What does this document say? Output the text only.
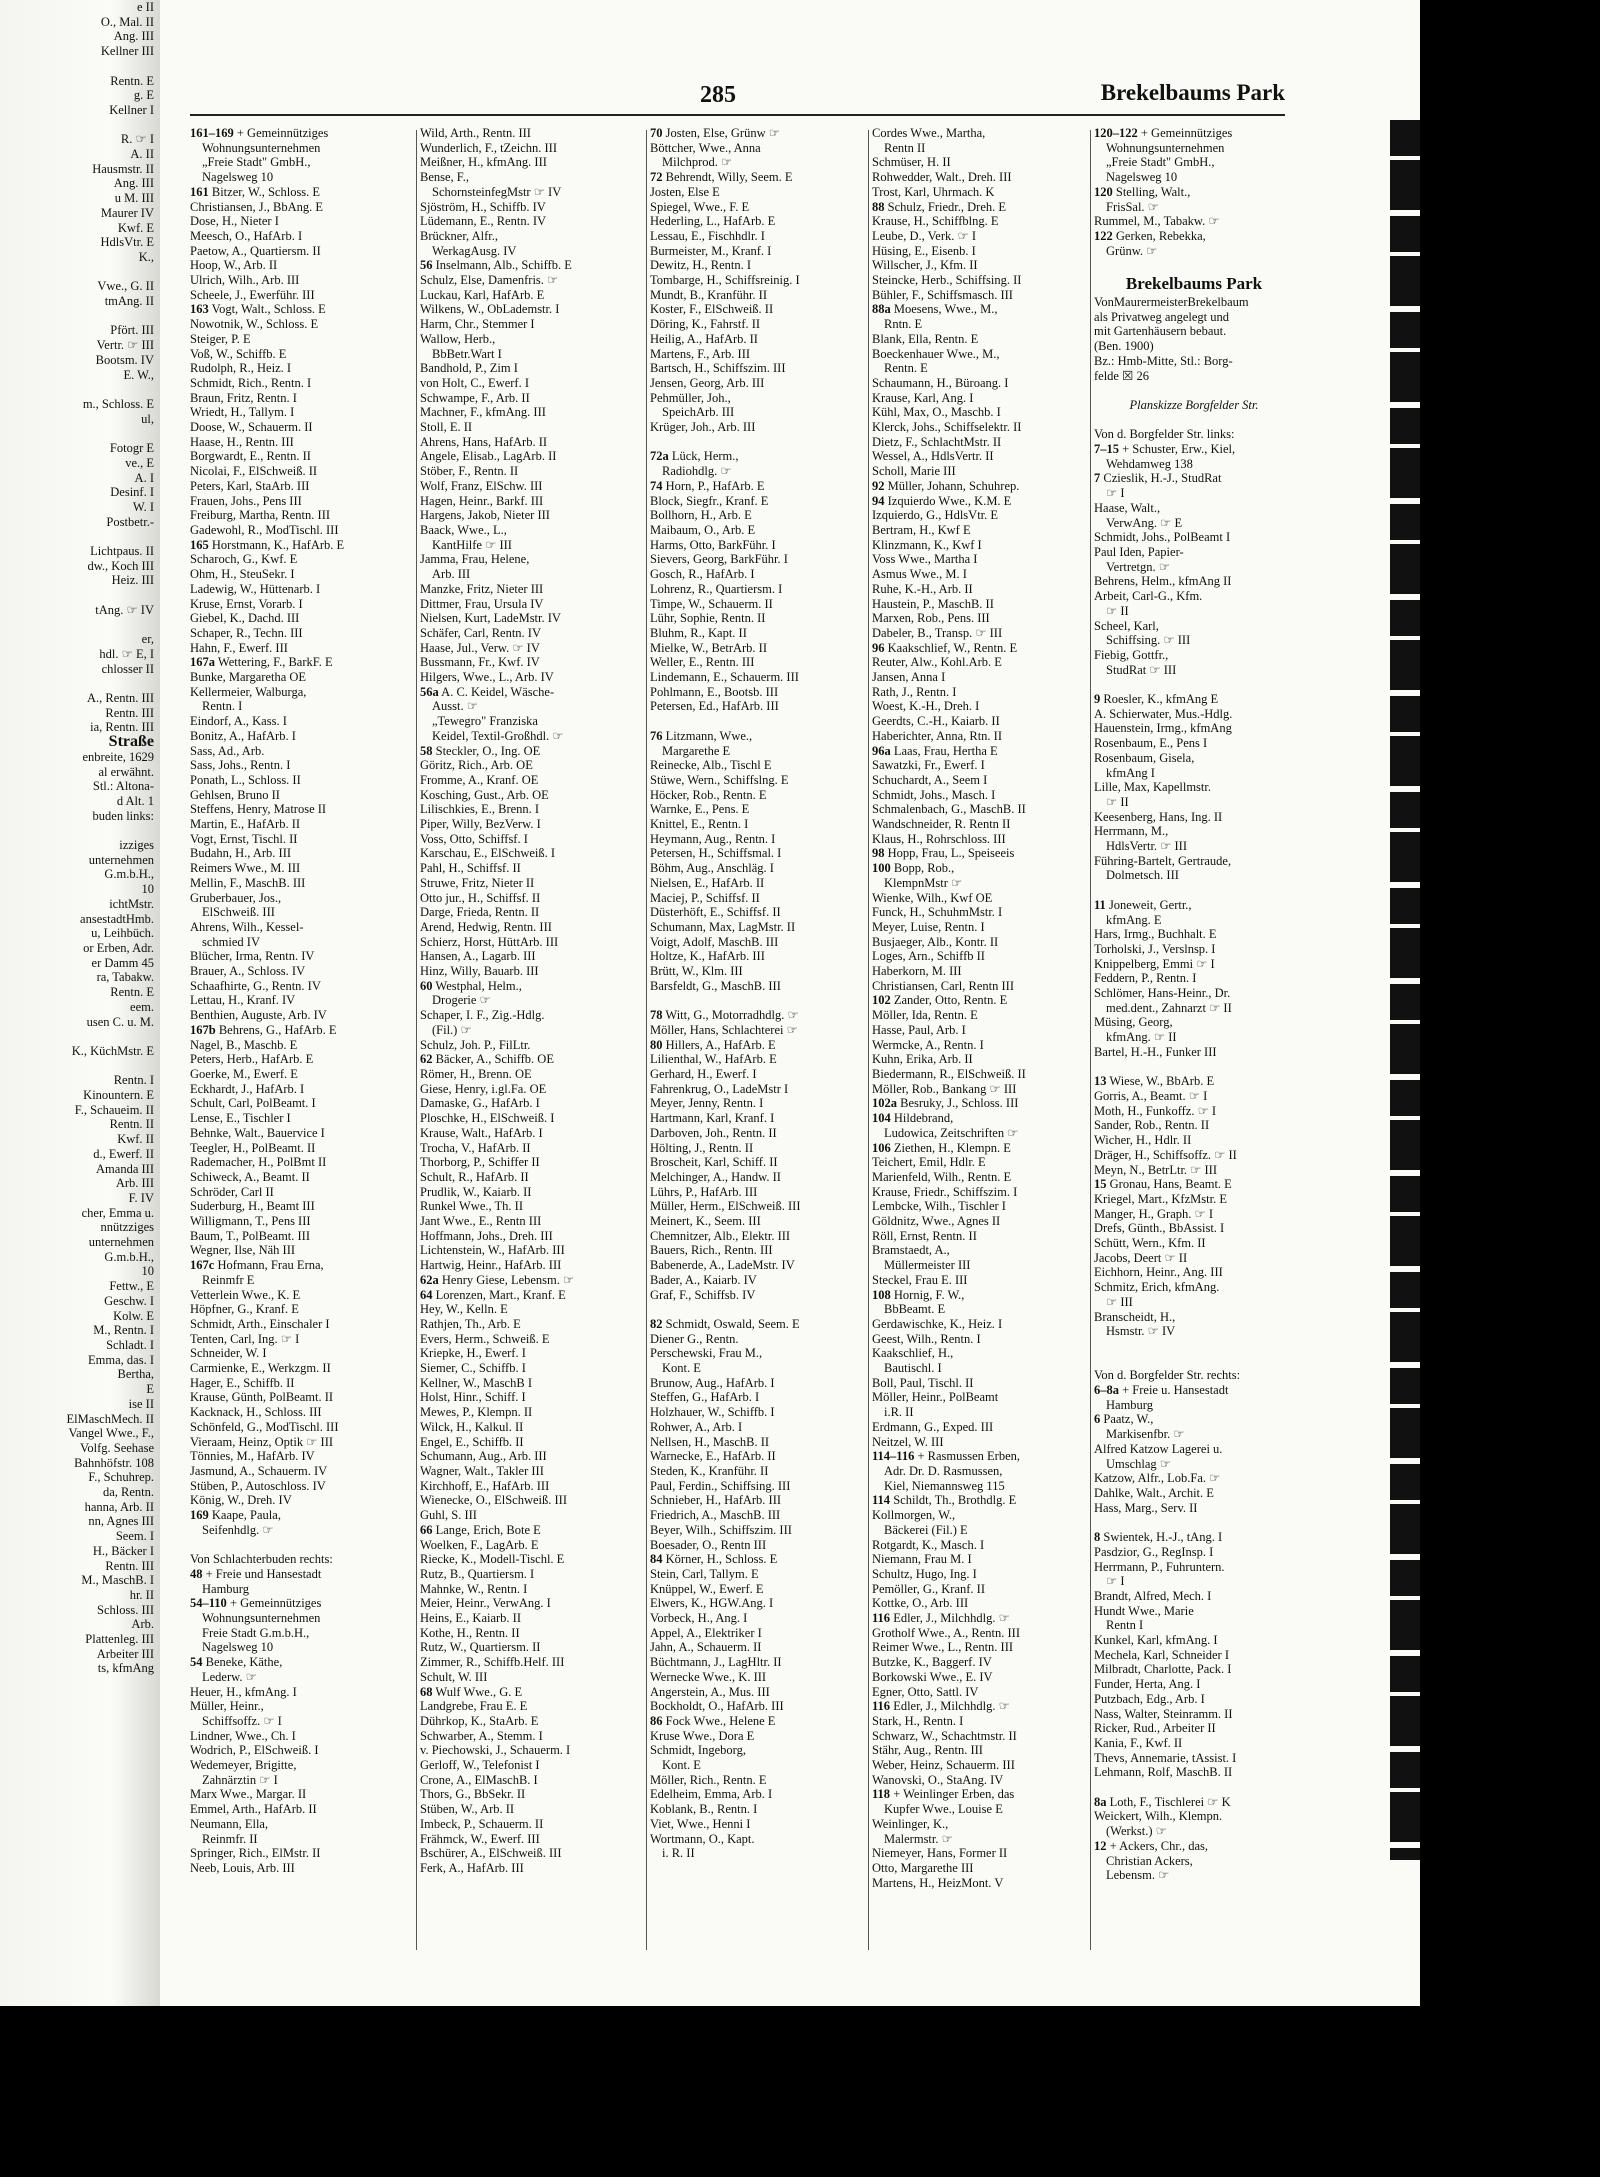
e II
O., Mal. II
Ang. III
Kellner III

Rentn. E
g. E
Kellner I

R. ☞ I
A. II
Hausmstr. II
Ang. III
u M. III
Maurer IV
Kwf. E
HdlsVtr. E
K.,

Vwe., G. II
tmAng. II

Pfört. III
Vertr. ☞ III
Bootsm. IV
E. W.,

m., Schloss. E
ul,

Fotogr E
ve., E
A. I
Desinf. I
W. I
Postbetr.-

Lichtpaus. II
dw., Koch III
Heiz. III

tAng. ☞ IV

er,
hdl. ☞ E, I
chlosser II

A., Rentn. III
Rentn. III
ia, Rentn. III
Straße
enbreite, 1629
al erwähnt.
Stl.: Altona-
d Alt. 1
buden links:

izziges
unternehmen
G.m.b.H.,
10
ichtMstr.
ansestadtHmb.
u, Leihbüch.
or Erben, Adr.
er Damm 45
ra, Tabakw.
Rentn. E
eem.
usen C. u. M.

K., KüchMstr. E

Rentn. I
Kinountern. E
F., Schaueim. II
Rentn. II
Kwf. II
d., Ewerf. II
Amanda III
Arb. III
F. IV
cher, Emma u.
nnützziges
unternehmen
G.m.b.H.,
10
Fettw., E
Geschw. I
Kolw. E
M., Rentn. I
Schladt. I
Emma, das. I
Bertha,
E
ise II
ElMaschMech. II
Vangel Wwe., F.,
Volfg. Seehase
Bahnhöfstr. 108
F., Schuhrep.
da, Rentn.
hanna, Arb. II
nn, Agnes III
Seem. I
H., Bäcker I
Rentn. III
M., MaschB. I
hr. II
Schloss. III
Arb.
Plattenleg. III
Arbeiter III
ts, kfmAng
285	Brekelbaums Park
161–169 + Gemeinnütziges
Wohnungsunternehmen
„Freie Stadt" GmbH.,
Nagelsweg 10
161 Bitzer, W., Schloss. E
Christiansen, J., BbAng. E
Dose, H., Nieter I
Meesch, O., HafArb. I
Paetow, A., Quartiersm. II
Hoop, W., Arb. II
Ulrich, Wilh., Arb. III
Scheele, J., Ewerführ. III
163 Vogt, Walt., Schloss. E
Nowotnik, W., Schloss. E
Steiger, P. E
Voß, W., Schiffb. E
Rudolph, R., Heiz. I
Schmidt, Rich., Rentn. I
Braun, Fritz, Rentn. I
Wriedt, H., Tallym. I
Doose, W., Schauerm. II
Haase, H., Rentn. III
Borgwardt, E., Rentn. II
Nicolai, F., ElSchweiß. II
Peters, Karl, StaArb. III
Frauen, Johs., Pens III
Freiburg, Martha, Rentn. III
Gadewohl, R., ModTischl. III
165 Horstmann, K., HafArb. E
Scharoch, G., Kwf. E
Ohm, H., SteuSekr. I
Ladewig, W., Hüttenarb. I
Kruse, Ernst, Vorarb. I
Giebel, K., Dachd. III
Schaper, R., Techn. III
Hahn, F., Ewerf. III
167a Wettering, F., BarkF. E
Bunke, Margaretha OE
Kellermeier, Walburga,
Rentn. I
Eindorf, A., Kass. I
Bonitz, A., HafArb. I
Sass, Ad., Arb.
Sass, Johs., Rentn. I
Ponath, L., Schloss. II
Gehlsen, Bruno II
Steffens, Henry, Matrose II
Martin, E., HafArb. II
Vogt, Ernst, Tischl. II
Budahn, H., Arb. III
Reimers Wwe., M. III
Mellin, F., MaschB. III
Gruberbauer, Jos.,
ElSchweiß. III
Ahrens, Wilh., Kessel-
schmied IV
Blücher, Irma, Rentn. IV
Brauer, A., Schloss. IV
Schaafhirte, G., Rentn. IV
Lettau, H., Kranf. IV
Benthien, Auguste, Arb. IV
167b Behrens, G., HafArb. E
Nagel, B., Maschb. E
Peters, Herb., HafArb. E
Goerke, M., Ewerf. E
Eckhardt, J., HafArb. I
Schult, Carl, PolBeamt. I
Lense, E., Tischler I
Behnke, Walt., Bauervice I
Teegler, H., PolBeamt. II
Rademacher, H., PolBmt II
Schiweck, A., Beamt. II
Schröder, Carl II
Suderburg, H., Beamt III
Willigmann, T., Pens III
Baum, T., PolBeamt. III
Wegner, Ilse, Näh III
167c Hofmann, Frau Erna,
Reinmfr E
Vetterlein Wwe., K. E
Höpfner, G., Kranf. E
Schmidt, Arth., Einschaler I
Tenten, Carl, Ing. ☞ I
Schneider, W. I
Carmienke, E., Werkzgm. II
Hager, E., Schiffb. II
Krause, Günth, PolBeamt. II
Kacknack, H., Schloss. III
Schönfeld, G., ModTischl. III
Vieraam, Heinz, Optik ☞ III
Tönnies, M., HafArb. IV
Jasmund, A., Schauerm. IV
Stüben, P., Autoschloss. IV
König, W., Dreh. IV
169 Kaape, Paula,
Seifenhdlg. ☞

Von Schlachterbuden rechts:
48 + Freie und Hansestadt
Hamburg
54–110 + Gemeinnütziges
Wohnungsunternehmen
Freie Stadt G.m.b.H.,
Nagelsweg 10
54 Beneke, Käthe,
Lederw. ☞
Heuer, H., kfmAng. I
Müller, Heinr.,
Schiffsoffz. ☞ I
Lindner, Wwe., Ch. I
Wodrich, P., ElSchweiß. I
Wedemeyer, Brigitte,
Zahnärztin ☞ I
Marx Wwe., Margar. II
Emmel, Arth., HafArb. II
Neumann, Ella,
Reinmfr. II
Springer, Rich., ElMstr. II
Neeb, Louis, Arb. III
Wild, Arth., Rentn. III
Wunderlich, F., tZeichn. III
Meißner, H., kfmAng. III
Bense, F.,
SchornsteinfegMstr ☞ IV
Sjöström, H., Schiffb. IV
Lüdemann, E., Rentn. IV
Brückner, Alfr.,
WerkagAusg. IV
56 Inselmann, Alb., Schiffb. E
Schulz, Else, Damenfris. ☞
Luckau, Karl, HafArb. E
Wilkens, W., ObLademstr. I
Harm, Chr., Stemmer I
Wallow, Herb.,
BbBetr.Wart I
Bandhold, P., Zim I
von Holt, C., Ewerf. I
Schwampe, F., Arb. II
Machner, F., kfmAng. III
Stoll, E. II
Ahrens, Hans, HafArb. II
Angele, Elisab., LagArb. II
Stöber, F., Rentn. II
Wolf, Franz, ElSchw. III
Hagen, Heinr., Barkf. III
Hargens, Jakob, Nieter III
Baack, Wwe., L.,
KantHilfe ☞ III
Jamma, Frau, Helene,
Arb. III
Manzke, Fritz, Nieter III
Dittmer, Frau, Ursula IV
Nielsen, Kurt, LadeMstr. IV
Schäfer, Carl, Rentn. IV
Haase, Jul., Verw. ☞ IV
Bussmann, Fr., Kwf. IV
Hilgers, Wwe., L., Arb. IV
56a A. C. Keidel, Wäsche-
Ausst. ☞
„Tewegro" Franziska
Keidel, Textil-Großhdl. ☞
58 Steckler, O., Ing. OE
Göritz, Rich., Arb. OE
Fromme, A., Kranf. OE
Kosching, Gust., Arb. OE
Lilischkies, E., Brenn. I
Piper, Willy, BezVerw. I
Voss, Otto, Schiffsf. I
Karschau, E., ElSchweiß. I
Pahl, H., Schiffsf. II
Struwe, Fritz, Nieter II
Otto jur., H., Schiffsf. II
Darge, Frieda, Rentn. II
Arend, Hedwig, Rentn. III
Schierz, Horst, HüttArb. III
Hansen, A., Lagarb. III
Hinz, Willy, Bauarb. III
60 Westphal, Helm.,
Drogerie ☞
Schaper, I. F., Zig.-Hdlg.
(Fil.) ☞
Schulz, Joh. P., FilLtr.
62 Bäcker, A., Schiffb. OE
Römer, H., Brenn. OE
Giese, Henry, i.gl.Fa. OE
Damaske, G., HafArb. I
Ploschke, H., ElSchweiß. I
Krause, Walt., HafArb. I
Trocha, V., HafArb. II
Thorborg, P., Schiffer II
Schult, R., HafArb. II
Prudlik, W., Kaiarb. II
Runkel Wwe., Th. II
Jant Wwe., E., Rentn III
Hoffmann, Johs., Dreh. III
Lichtenstein, W., HafArb. III
Hartwig, Heinr., HafArb. III
62a Henry Giese, Lebensm. ☞
64 Lorenzen, Mart., Kranf. E
Hey, W., Kelln. E
Rathjen, Th., Arb. E
Evers, Herm., Schweiß. E
Kriepke, H., Ewerf. I
Siemer, C., Schiffb. I
Kellner, W., MaschB I
Holst, Hinr., Schiff. I
Mewes, P., Klempn. II
Wilck, H., Kalkul. II
Engel, E., Schiffb. II
Schumann, Aug., Arb. III
Wagner, Walt., Takler III
Kirchhoff, E., HafArb. III
Wienecke, O., ElSchweiß. III
Guhl, S. III
66 Lange, Erich, Bote E
Woelken, F., LagArb. E
Riecke, K., Modell-Tischl. E
Rutz, B., Quartiersm. I
Mahnke, W., Rentn. I
Meier, Heinr., VerwAng. I
Heins, E., Kaiarb. II
Kothe, H., Rentn. II
Rutz, W., Quartiersm. II
Zimmer, R., Schiffb.Helf. III
Schult, W. III
68 Wulf Wwe., G. E
Landgrebe, Frau E. E
Dührkop, K., StaArb. E
Schwarber, A., Stemm. I
v. Piechowski, J., Schauerm. I
Gerloff, W., Telefonist I
Crone, A., ElMaschB. I
Thors, G., BbSekr. II
Stüben, W., Arb. II
Imbeck, P., Schauerm. II
Frähmck, W., Ewerf. III
Bschürer, A., ElSchweiß. III
Ferk, A., HafArb. III
70 Josten, Else, Grünw ☞
Böttcher, Wwe., Anna
Milchprod. ☞
72 Behrendt, Willy, Seem. E
Josten, Else E
Spiegel, Wwe., F. E
Hederling, L., HafArb. E
Lessau, E., Fischhdlr. I
Burmeister, M., Kranf. I
Dewitz, H., Rentn. I
Tombarge, H., Schiffsreinig. I
Mundt, B., Kranführ. II
Koster, F., ElSchweiß. II
Döring, K., Fahrstf. II
Heilig, A., HafArb. II
Martens, F., Arb. III
Bartsch, H., Schiffszim. III
Jensen, Georg, Arb. III
Pehmüller, Joh.,
SpeichArb. III
Krüger, Joh., Arb. III

72a Lück, Herm.,
Radiohdlg. ☞
74 Horn, P., HafArb. E
Block, Siegfr., Kranf. E
Bollhorn, H., Arb. E
Maibaum, O., Arb. E
Harms, Otto, BarkFühr. I
Sievers, Georg, BarkFühr. I
Gosch, R., HafArb. I
Lohrenz, R., Quartiersm. I
Timpe, W., Schauerm. II
Lühr, Sophie, Rentn. II
Bluhm, R., Kapt. II
Mielke, W., BetrArb. II
Weller, E., Rentn. III
Lindemann, E., Schauerm. III
Pohlmann, E., Bootsb. III
Petersen, Ed., HafArb. III

76 Litzmann, Wwe.,
Margarethe E
Reinecke, Alb., Tischl E
Stüwe, Wern., Schiffslng. E
Höcker, Rob., Rentn. E
Warnke, E., Pens. E
Knittel, E., Rentn. I
Heymann, Aug., Rentn. I
Petersen, H., Schiffsmal. I
Böhm, Aug., Anschläg. I
Nielsen, E., HafArb. II
Maciej, P., Schiffsf. II
Düsterhöft, E., Schiffsf. II
Schumann, Max, LagMstr. II
Voigt, Adolf, MaschB. III
Holtze, K., HafArb. III
Brütt, W., Klm. III
Barsfeldt, G., MaschB. III

78 Witt, G., Motorradhdlg. ☞
Möller, Hans, Schlachterei ☞
80 Hillers, A., HafArb. E
Lilienthal, W., HafArb. E
Gerhard, H., Ewerf. I
Fahrenkrug, O., LadeMstr I
Meyer, Jenny, Rentn. I
Hartmann, Karl, Kranf. I
Darboven, Joh., Rentn. II
Hölting, J., Rentn. II
Broscheit, Karl, Schiff. II
Melchinger, A., Handw. II
Lührs, P., HafArb. III
Müller, Herm., ElSchweiß. III
Meinert, K., Seem. III
Chemnitzer, Alb., Elektr. III
Bauers, Rich., Rentn. III
Babenerde, A., LadeMstr. IV
Bader, A., Kaiarb. IV
Graf, F., Schiffsb. IV

82 Schmidt, Oswald, Seem. E
Diener G., Rentn.
Perschewski, Frau M.,
Kont. E
Brunow, Aug., HafArb. I
Steffen, G., HafArb. I
Holzhauer, W., Schiffb. I
Rohwer, A., Arb. I
Nellsen, H., MaschB. II
Warnecke, E., HafArb. II
Steden, K., Kranführ. II
Paul, Ferdin., Schiffsing. III
Schnieber, H., HafArb. III
Friedrich, A., MaschB. III
Beyer, Wilh., Schiffszim. III
Boesader, O., Rentn III
84 Körner, H., Schloss. E
Stein, Carl, Tallym. E
Knüppel, W., Ewerf. E
Elwers, K., HGW.Ang. I
Vorbeck, H., Ang. I
Appel, A., Elektriker I
Jahn, A., Schauerm. II
Büchtmann, J., LagHltr. II
Wernecke Wwe., K. III
Angerstein, A., Mus. III
Bockholdt, O., HafArb. III
86 Fock Wwe., Helene E
Kruse Wwe., Dora E
Schmidt, Ingeborg,
Kont. E
Möller, Rich., Rentn. E
Edelheim, Emma, Arb. I
Koblank, B., Rentn. I
Viet, Wwe., Henni I
Wortmann, O., Kapt.
i. R. II
Cordes Wwe., Martha,
Rentn II
Schmüser, H. II
Rohwedder, Walt., Dreh. III
Trost, Karl, Uhrmach. K
88 Schulz, Friedr., Dreh. E
Krause, H., Schiffblng. E
Leube, D., Verk. ☞ I
Hüsing, E., Eisenb. I
Willscher, J., Kfm. II
Steincke, Herb., Schiffsing. II
Bühler, F., Schiffsmasch. III
88a Moesens, Wwe., M.,
Rntn. E
Blank, Ella, Rentn. E
Boeckenhauer Wwe., M.,
Rentn. E
Schaumann, H., Büroang. I
Krause, Karl, Ang. I
Kühl, Max, O., Maschb. I
Klerck, Johs., Schiffselektr. II
Dietz, F., SchlachtMstr. II
Wessel, A., HdlsVertr. II
Scholl, Marie III
92 Müller, Johann, Schuhrep.
94 Izquierdo Wwe., K.M. E
Izquierdo, G., HdlsVtr. E
Bertram, H., Kwf E
Klinzmann, K., Kwf I
Voss Wwe., Martha I
Asmus Wwe., M. I
Ruhe, K.-H., Arb. II
Haustein, P., MaschB. II
Marxen, Rob., Pens. III
Dabeler, B., Transp. ☞ III
96 Kaakschlief, W., Rentn. E
Reuter, Alw., Kohl.Arb. E
Jansen, Anna I
Rath, J., Rentn. I
Woest, K.-H., Dreh. I
Geerdts, C.-H., Kaiarb. II
Haberichter, Anna, Rtn. II
96a Laas, Frau, Hertha E
Sawatzki, Fr., Ewerf. I
Schuchardt, A., Seem I
Schmidt, Johs., Masch. I
Schmalenbach, G., MaschB. II
Wandschneider, R. Rentn II
Klaus, H., Rohrschloss. III
98 Hopp, Frau, L., Speiseeis
100 Bopp, Rob.,
KlempnMstr ☞
Wienke, Wilh., Kwf OE
Funck, H., SchuhmMstr. I
Meyer, Luise, Rentn. I
Busjaeger, Alb., Kontr. II
Loges, Arn., Schiffb II
Haberkorn, M. III
Christiansen, Carl, Rentn III
102 Zander, Otto, Rentn. E
Möller, Ida, Rentn. E
Hasse, Paul, Arb. I
Wermcke, A., Rentn. I
Kuhn, Erika, Arb. II
Biedermann, R., ElSchweiß. II
Möller, Rob., Bankang ☞ III
102a Besruky, J., Schloss. III
104 Hildebrand,
Ludowica, Zeitschriften ☞
106 Ziethen, H., Klempn. E
Teichert, Emil, Hdlr. E
Marienfeld, Wilh., Rentn. E
Krause, Friedr., Schiffszim. I
Lembcke, Wilh., Tischler I
Göldnitz, Wwe., Agnes II
Röll, Ernst, Rentn. II
Bramstaedt, A.,
Müllermeister III
Steckel, Frau E. III
108 Hornig, F. W.,
BbBeamt. E
Gerdawischke, K., Heiz. I
Geest, Wilh., Rentn. I
Kaakschlief, H.,
Bautischl. I
Boll, Paul, Tischl. II
Möller, Heinr., PolBeamt
i.R. II
Erdmann, G., Exped. III
Neitzel, W. III
114–116 + Rasmussen Erben,
Adr. Dr. D. Rasmussen,
Kiel, Niemannsweg 115
114 Schildt, Th., Brothdlg. E
Kollmorgen, W.,
Bäckerei (Fil.) E
Rotgardt, K., Masch. I
Niemann, Frau M. I
Schultz, Hugo, Ing. I
Pemöller, G., Kranf. II
Kottke, O., Arb. III
116 Edler, J., Milchhdlg. ☞
Grotholf Wwe., A., Rentn. III
Reimer Wwe., L., Rentn. III
Butzke, K., Baggerf. IV
Borkowski Wwe., E. IV
Egner, Otto, Sattl. IV
116 Edler, J., Milchhdlg. ☞
Stark, H., Rentn. I
Schwarz, W., Schachtmstr. II
Stähr, Aug., Rentn. III
Weber, Heinz, Schauerm. III
Wanovski, O., StaAng. IV
118 + Weinlinger Erben, das
Kupfer Wwe., Louise E
Weinlinger, K.,
Malermstr. ☞
Niemeyer, Hans, Former II
Otto, Margarethe III
Martens, H., HeizMont. V
120–122 + Gemeinnütziges
Wohnungsunternehmen
„Freie Stadt" GmbH.,
Nagelsweg 10
120 Stelling, Walt.,
FrisSal. ☞
Rummel, M., Tabakw. ☞
122 Gerken, Rebekka,
Grünw. ☞

Brekelbaums Park
VonMaurermeisterBrekelbaum
als Privatweg angelegt und
mit Gartenhäusern bebaut.
(Ben. 1900)
Bz.: Hmb-Mitte, Stl.: Borg-
felde ☒ 26

Planskizze Borgfelder Str.

Von d. Borgfelder Str. links:
7–15 + Schuster, Erw., Kiel,
Wehdamweg 138
7 Czieslik, H.-J., StudRat
☞ I
Haase, Walt.,
VerwAng. ☞ E
Schmidt, Johs., PolBeamt I
Paul Iden, Papier-
Vertretgn. ☞
Behrens, Helm., kfmAng II
Arbeit, Carl-G., Kfm.
☞ II
Scheel, Karl,
Schiffsing. ☞ III
Fiebig, Gottfr.,
StudRat ☞ III

9 Roesler, K., kfmAng E
A. Schierwater, Mus.-Hdlg.
Hauenstein, Irmg., kfmAng
Rosenbaum, E., Pens I
Rosenbaum, Gisela,
kfmAng I
Lille, Max, Kapellmstr.
☞ II
Keesenberg, Hans, Ing. II
Herrmann, M.,
HdlsVertr. ☞ III
Führing-Bartelt, Gertraude,
Dolmetsch. III

11 Joneweit, Gertr.,
kfmAng. E
Hars, Irmg., Buchhalt. E
Torholski, J., Verslnsp. I
Knippelberg, Emmi ☞ I
Feddern, P., Rentn. I
Schlömer, Hans-Heinr., Dr.
med.dent., Zahnarzt ☞ II
Müsing, Georg,
kfmAng. ☞ II
Bartel, H.-H., Funker III

13 Wiese, W., BbArb. E
Gorris, A., Beamt. ☞ I
Moth, H., Funkoffz. ☞ I
Sander, Rob., Rentn. II
Wicher, H., Hdlr. II
Dräger, H., Schiffsoffz. ☞ II
Meyn, N., BetrLtr. ☞ III
15 Gronau, Hans, Beamt. E
Kriegel, Mart., KfzMstr. E
Manger, H., Graph. ☞ I
Drefs, Günth., BbAssist. I
Schütt, Wern., Kfm. II
Jacobs, Deert ☞ II
Eichhorn, Heinr., Ang. III
Schmitz, Erich, kfmAng.
☞ III
Branscheidt, H.,
Hsmstr. ☞ IV

Von d. Borgfelder Str. rechts:
6–8a + Freie u. Hansestadt
Hamburg
6 Paatz, W.,
Markisenfbr. ☞
Alfred Katzow Lagerei u.
Umschlag ☞
Katzow, Alfr., Lob.Fa. ☞
Dahlke, Walt., Archit. E
Hass, Marg., Serv. II

8 Swientek, H.-J., tAng. I
Pasdzior, G., RegInsp. I
Herrmann, P., Fuhruntern.
☞ I
Brandt, Alfred, Mech. I
Hundt Wwe., Marie
Rentn I
Kunkel, Karl, kfmAng. I
Mechela, Karl, Schneider I
Milbradt, Charlotte, Pack. I
Funder, Herta, Ang. I
Putzbach, Edg., Arb. I
Nass, Walter, Steinramm. II
Ricker, Rud., Arbeiter II
Kania, F., Kwf. II
Thevs, Annemarie, tAssist. I
Lehmann, Rolf, MaschB. II

8a Loth, F., Tischlerei ☞ K
Weickert, Wilh., Klempn.
(Werkst.) ☞
12 + Ackers, Chr., das,
Christian Ackers,
Lebensm. ☞
